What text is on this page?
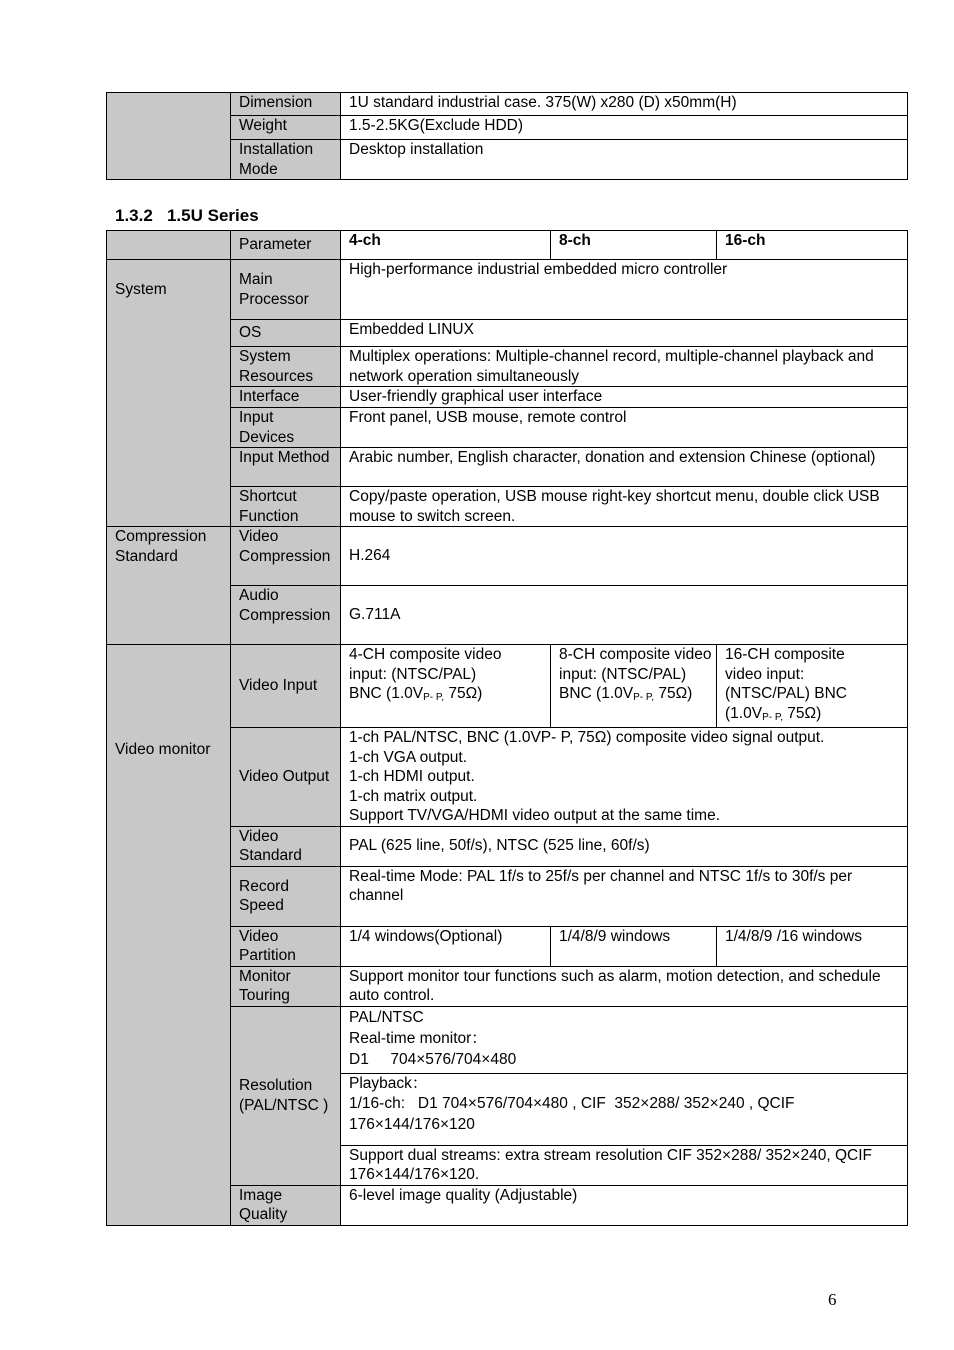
	Dimension	1U standard industrial case. 375(W) x280 (D) x50mm(H)
	Weight	1.5-2.5KG(Exclude HDD)
	Installation Mode	Desktop installation
1.3.2   1.5U Series
	Parameter	4-ch	8-ch	16-ch
System	Main Processor	High-performance industrial embedded micro controller		
	OS	Embedded LINUX		
	System Resources	Multiplex operations: Multiple-channel record, multiple-channel playback and network operation simultaneously		
	Interface	User-friendly graphical user interface		
	Input Devices	Front panel, USB mouse, remote control		
	Input Method	Arabic number, English character, donation and extension Chinese (optional)		
	Shortcut Function	Copy/paste operation, USB mouse right-key shortcut menu, double click USB mouse to switch screen.		
Compression Standard	Video Compression	H.264		
	Audio Compression	G.711A		
Video monitor	Video Input	4-CH composite video
input: (NTSC/PAL)
BNC ($1.0V_{P- P,}$ 75Ω)	8-CH composite video
input: (NTSC/PAL)
BNC ($1.0V_{P- P,}$ 75Ω)	16-CH composite
video input:
(NTSC/PAL) BNC
($1.0V_{P- P,}$ 75Ω)

	Video Output	1-ch PAL/NTSC, BNC (1.0VP- P, 75Ω) composite video signal output.
1-ch VGA output.
1-ch HDMI output.
1-ch matrix output.
Support TV/VGA/HDMI video output at the same time.		

	Video Standard	PAL (625 line, 50f/s), NTSC (525 line, 60f/s)		
	Record Speed	Real-time Mode: PAL 1f/s to 25f/s per channel and NTSC 1f/s to 30f/s per channel		
	Video Partition	1/4 windows(Optional)	1/4/8/9 windows	1/4/8/9 /16 windows
	Monitor Touring	Support monitor tour functions such as alarm, motion detection, and schedule auto control.		
	Resolution (PAL/NTSC )	PAL/NTSC
Real-time monitor：
D1     704×576/704×480		

		Playback：
1/16-ch:   D1 704×576/704×480 , CIF  352×288/ 352×240 , QCIF
176×144/176×120		

		Support dual streams: extra stream resolution CIF 352×288/ 352×240, QCIF 176×144/176×120.		
	Image Quality	6-level image quality (Adjustable)		
6
